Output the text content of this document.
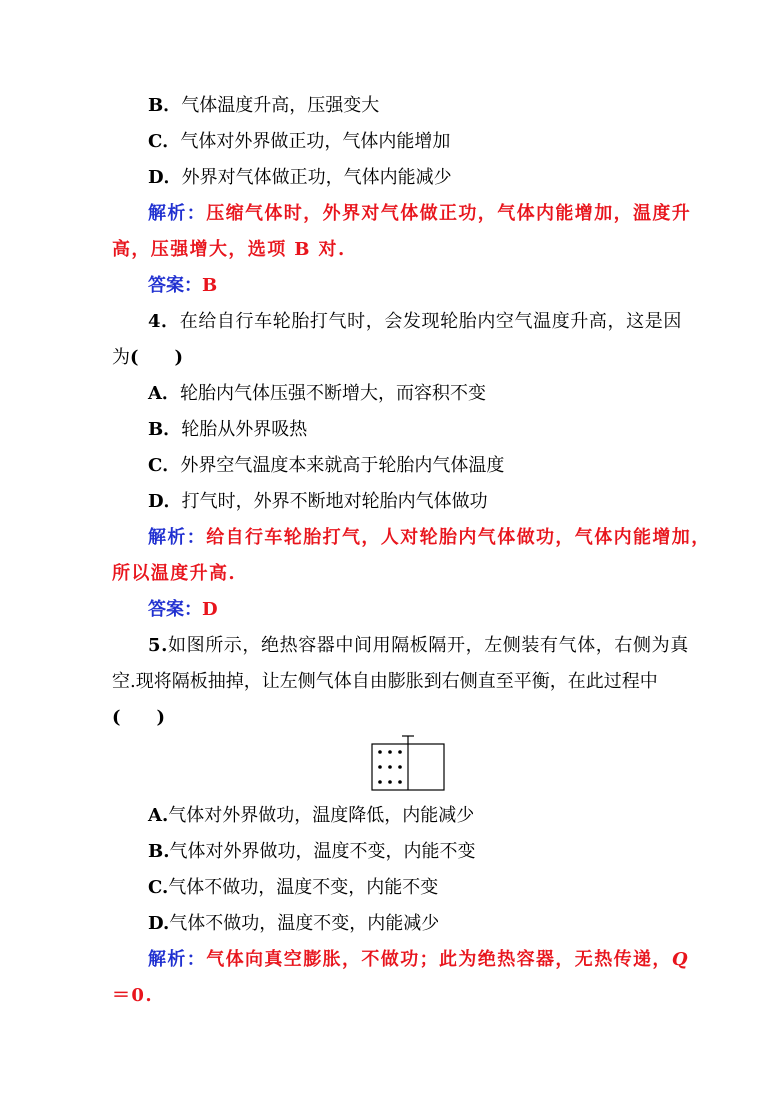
B．气体温度升高，压强变大
C．气体对外界做正功，气体内能增加
D．外界对气体做正功，气体内能减少
解析：压缩气体时，外界对气体做正功，气体内能增加，温度升
高，压强增大，选项 B 对.
答案：B
4．在给自行车轮胎打气时，会发现轮胎内空气温度升高，这是因
为(　　)
A．轮胎内气体压强不断增大，而容积不变
B．轮胎从外界吸热
C．外界空气温度本来就高于轮胎内气体温度
D．打气时，外界不断地对轮胎内气体做功
解析：给自行车轮胎打气，人对轮胎内气体做功，气体内能增加，
所以温度升高.
答案：D
5.如图所示，绝热容器中间用隔板隔开，左侧装有气体，右侧为真
空.现将隔板抽掉，让左侧气体自由膨胀到右侧直至平衡，在此过程中
(　　)
A.气体对外界做功，温度降低，内能减少
B.气体对外界做功，温度不变，内能不变
C.气体不做功，温度不变，内能不变
D.气体不做功，温度不变，内能减少
解析：气体向真空膨胀，不做功；此为绝热容器，无热传递，Q
＝0.
